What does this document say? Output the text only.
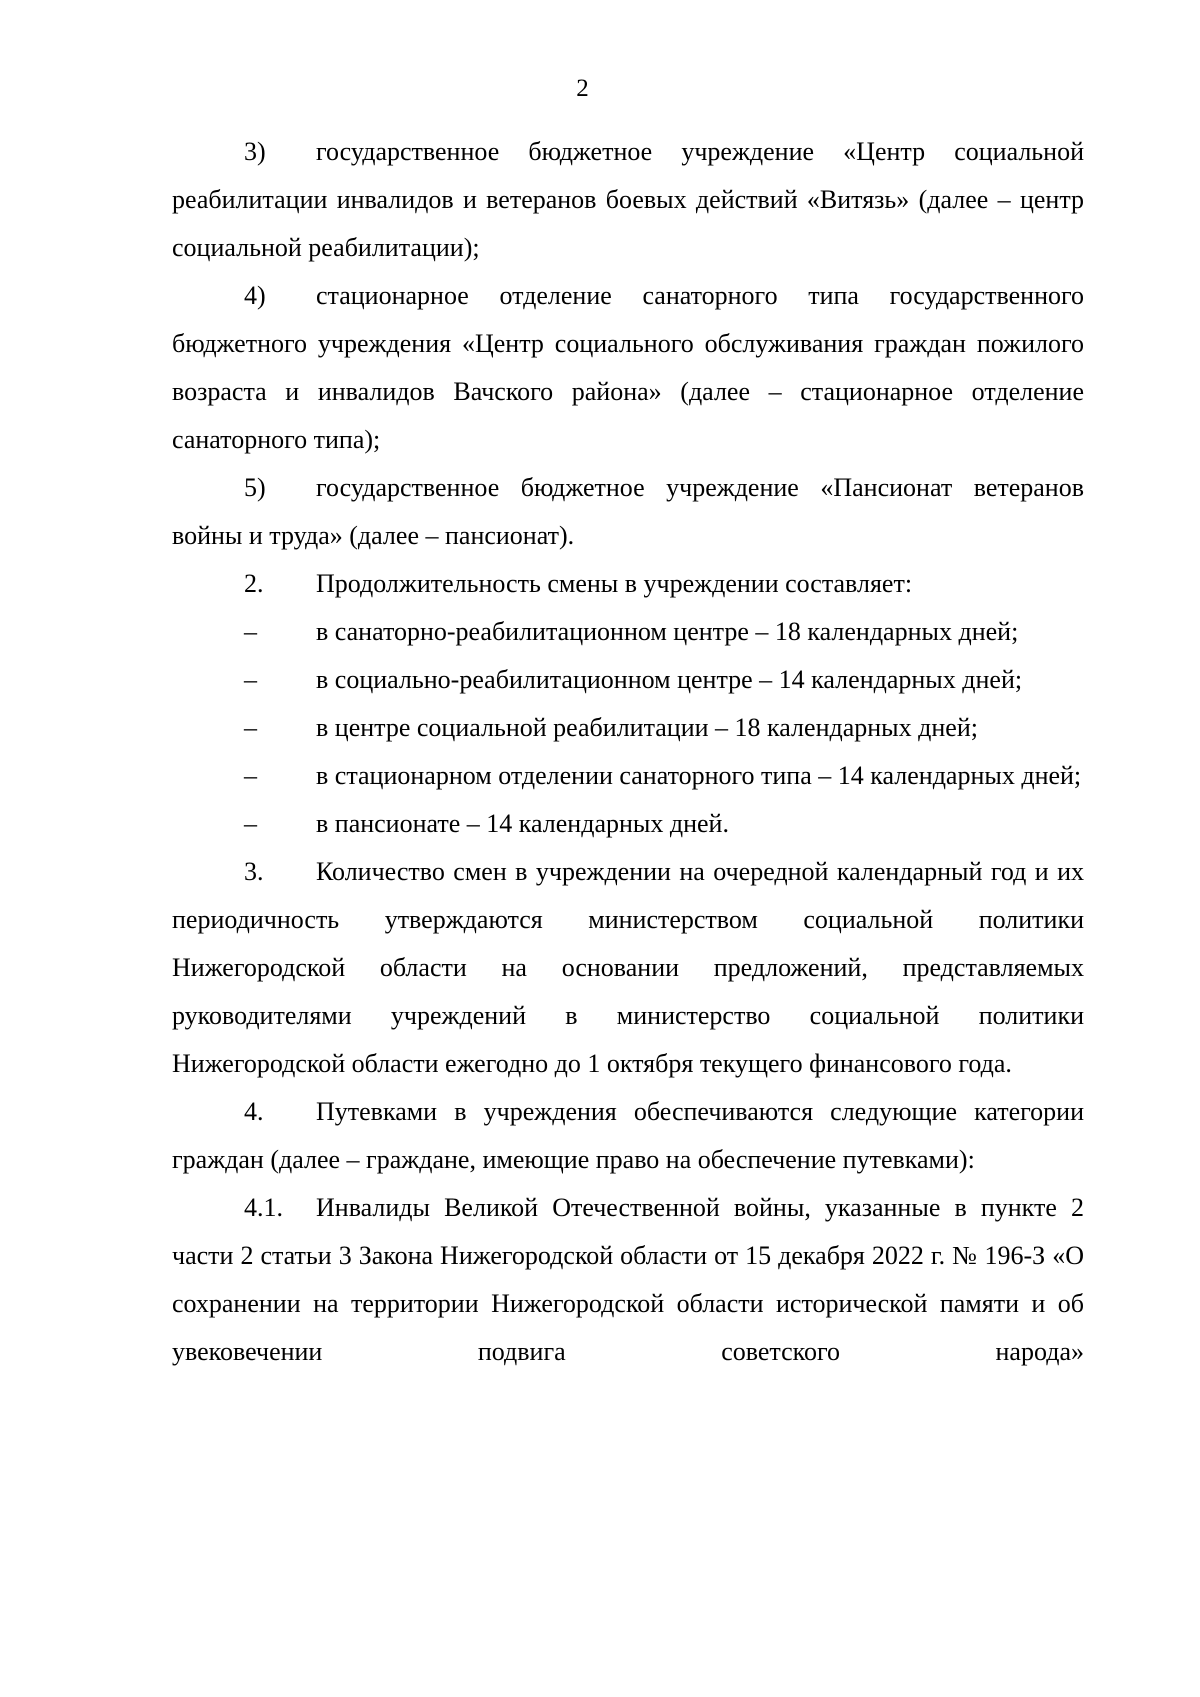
2

3) государственное бюджетное учреждение «Центр социальной реабилитации инвалидов и ветеранов боевых действий «Витязь» (далее – центр социальной реабилитации);

4) стационарное отделение санаторного типа государственного бюджетного учреждения «Центр социального обслуживания граждан пожилого возраста и инвалидов Вачского района» (далее – стационарное отделение санаторного типа);

5) государственное бюджетное учреждение «Пансионат ветеранов войны и труда» (далее – пансионат).

2. Продолжительность смены в учреждении составляет:

– в санаторно-реабилитационном центре – 18 календарных дней;

– в социально-реабилитационном центре – 14 календарных дней;

– в центре социальной реабилитации – 18 календарных дней;

– в стационарном отделении санаторного типа – 14 календарных дней;

– в пансионате – 14 календарных дней.

3. Количество смен в учреждении на очередной календарный год и их периодичность утверждаются министерством социальной политики Нижегородской области на основании предложений, представляемых руководителями учреждений в министерство социальной политики Нижегородской области ежегодно до 1 октября текущего финансового года.

4. Путевками в учреждения обеспечиваются следующие категории граждан (далее – граждане, имеющие право на обеспечение путевками):

4.1. Инвалиды Великой Отечественной войны, указанные в пункте 2 части 2 статьи 3 Закона Нижегородской области от 15 декабря 2022 г. № 196-З «О сохранении на территории Нижегородской области исторической памяти и об увековечении подвига советского народа»
